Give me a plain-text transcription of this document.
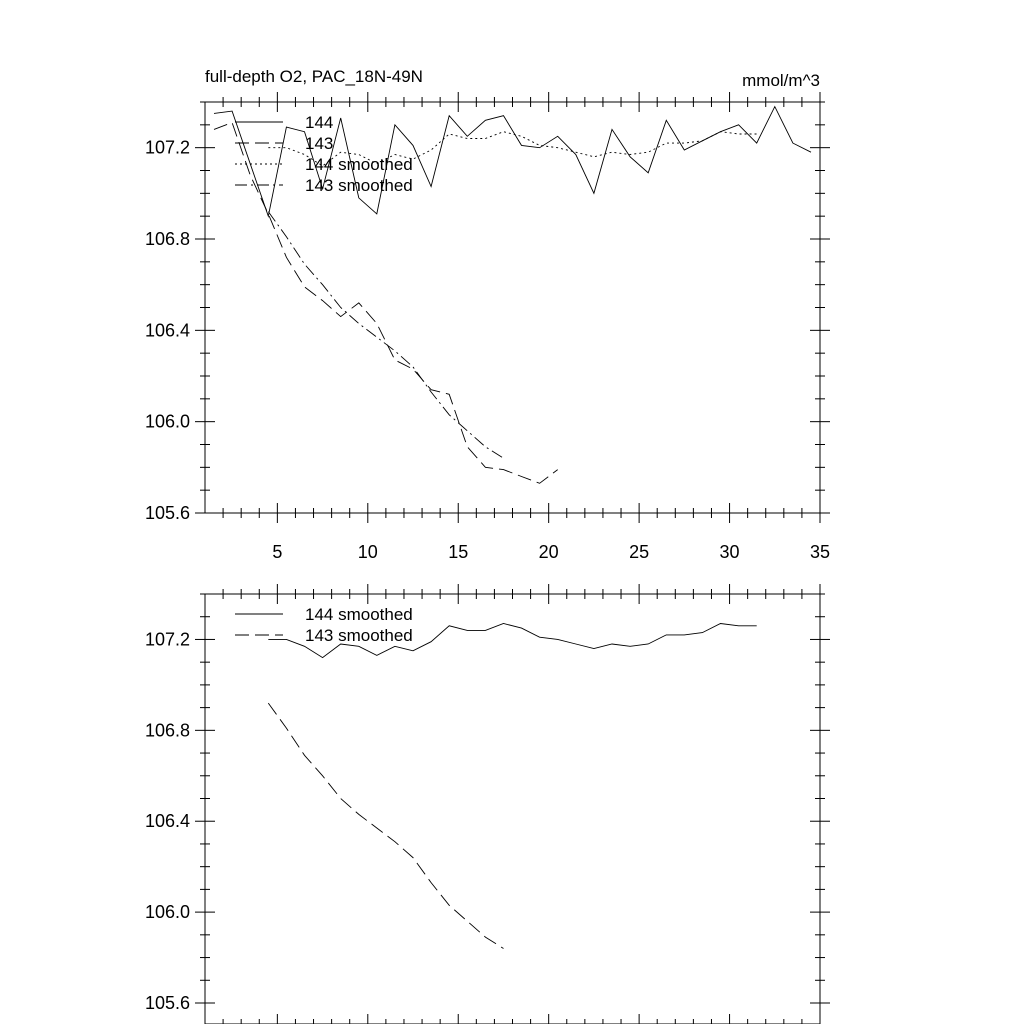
full-depth O2, PAC_18N-49N	mmol/m^3
5	10	15	20	25	30	35
105.6
106.0
106.4
106.8
107.2
144
143
144 smoothed
143 smoothed
105.6
106.0
106.4
106.8
107.2
144 smoothed
143 smoothed
